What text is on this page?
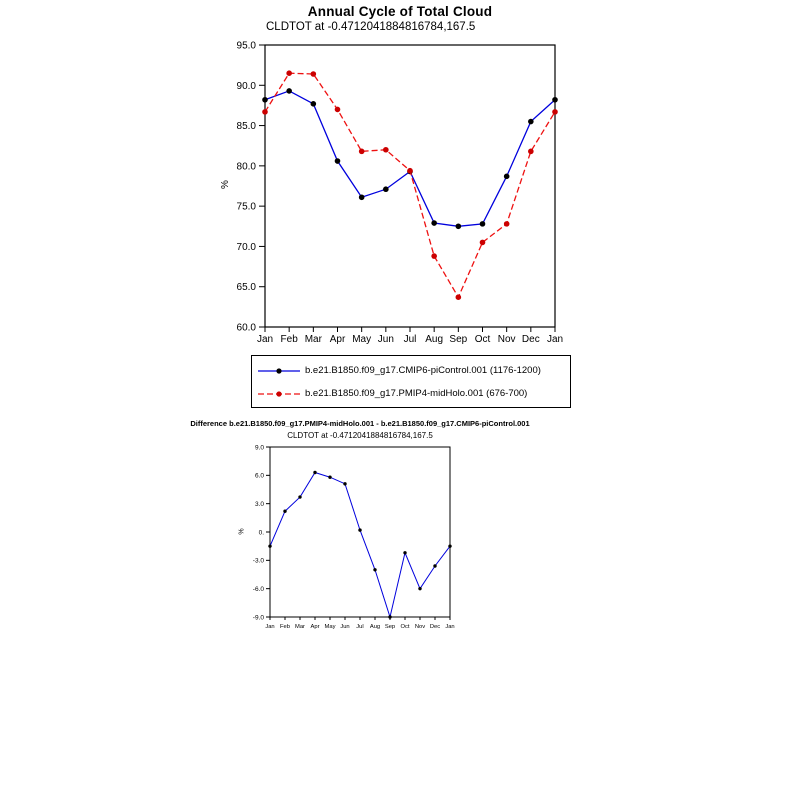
60.0
65.0
70.0
75.0
80.0
85.0
90.0
95.0
Jan Feb Mar Apr May Jun Jul Aug Sep Oct Nov Dec Jan
-9.0
-6.0
-3.0
0.
3.0
6.0
9.0
Jan Feb Mar Apr May Jun Jul Aug Sep Oct Nov Dec Jan
Annual Cycle of Total Cloud
CLDTOT at -0.4712041884816784,167.5
%
b.e21.B1850.f09_g17.CMIP6-piControl.001 (1176-1200)
b.e21.B1850.f09_g17.PMIP4-midHolo.001 (676-700)
Difference b.e21.B1850.f09_g17.PMIP4-midHolo.001 - b.e21.B1850.f09_g17.CMIP6-piControl.001
CLDTOT at -0.4712041884816784,167.5
%
